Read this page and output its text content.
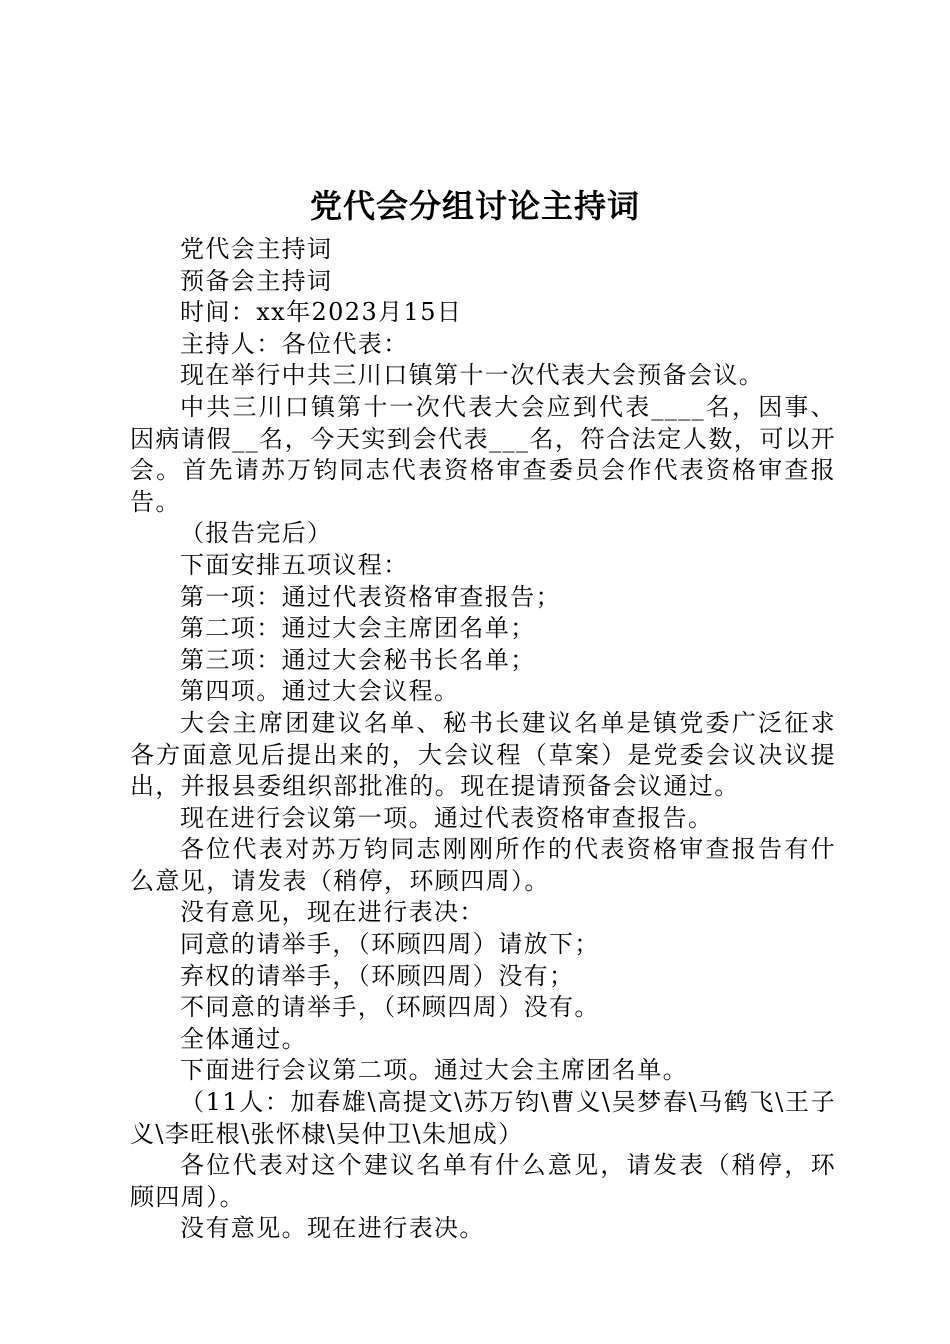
党代会分组讨论主持词

党代会主持词

预备会主持词

时间：xx年2023月15日

主持人：各位代表：

现在举行中共三川口镇第十一次代表大会预备会议。

中共三川口镇第十一次代表大会应到代表____名，因事、因病请假__名，今天实到会代表___名，符合法定人数，可以开会。首先请苏万钧同志代表资格审查委员会作代表资格审查报告。

（报告完后）

下面安排五项议程：

第一项：通过代表资格审查报告；

第二项：通过大会主席团名单；

第三项：通过大会秘书长名单；

第四项。通过大会议程。

大会主席团建议名单、秘书长建议名单是镇党委广泛征求各方面意见后提出来的，大会议程（草案）是党委会议决议提出，并报县委组织部批准的。现在提请预备会议通过。

现在进行会议第一项。通过代表资格审查报告。

各位代表对苏万钧同志刚刚所作的代表资格审查报告有什么意见，请发表（稍停，环顾四周）。

没有意见，现在进行表决：

同意的请举手，（环顾四周）请放下；

弃权的请举手，（环顾四周）没有；

不同意的请举手，（环顾四周）没有。

全体通过。

下面进行会议第二项。通过大会主席团名单。

（11人：加春雄\高提文\苏万钧\曹义\吴梦春\马鹤飞\王子义\李旺根\张怀棣\吴仲卫\朱旭成）

各位代表对这个建议名单有什么意见，请发表（稍停，环顾四周）。

没有意见。现在进行表决。
